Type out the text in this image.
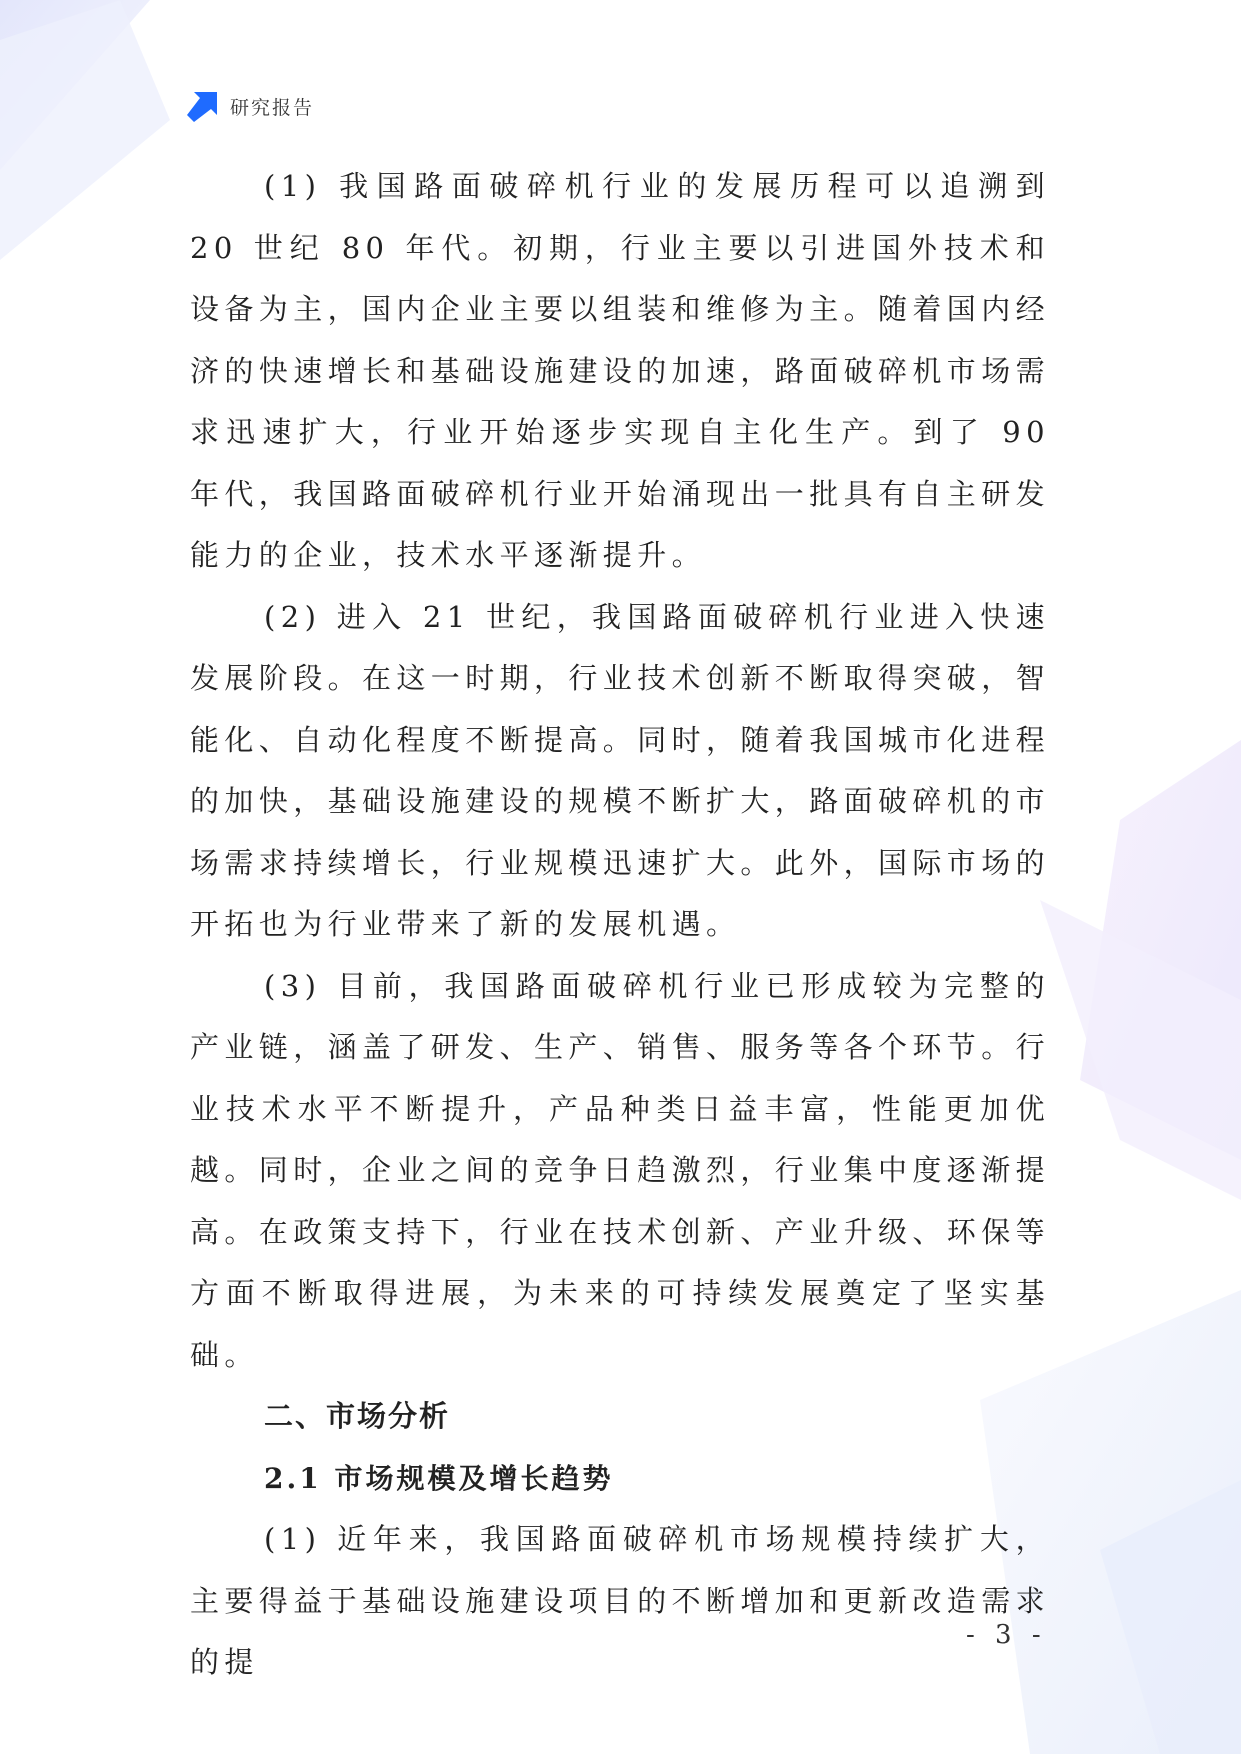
研究报告

(1) 我国路面破碎机行业的发展历程可以追溯到 20 世纪 80 年代。初期，行业主要以引进国外技术和设备为主，国内企业主要以组装和维修为主。随着国内经济的快速增长和基础设施建设的加速，路面破碎机市场需求迅速扩大，行业开始逐步实现自主化生产。到了 90 年代，我国路面破碎机行业开始涌现出一批具有自主研发能力的企业，技术水平逐渐提升。

(2) 进入 21 世纪，我国路面破碎机行业进入快速发展阶段。在这一时期，行业技术创新不断取得突破，智能化、自动化程度不断提高。同时，随着我国城市化进程的加快，基础设施建设的规模不断扩大，路面破碎机的市场需求持续增长，行业规模迅速扩大。此外，国际市场的开拓也为行业带来了新的发展机遇。

(3) 目前，我国路面破碎机行业已形成较为完整的产业链，涵盖了研发、生产、销售、服务等各个环节。行业技术水平不断提升，产品种类日益丰富，性能更加优越。同时，企业之间的竞争日趋激烈，行业集中度逐渐提高。在政策支持下，行业在技术创新、产业升级、环保等方面不断取得进展，为未来的可持续发展奠定了坚实基础。

二、市场分析
2.1 市场规模及增长趋势

(1) 近年来，我国路面破碎机市场规模持续扩大，主要得益于基础设施建设项目的不断增加和更新改造需求的提

- 3 -
